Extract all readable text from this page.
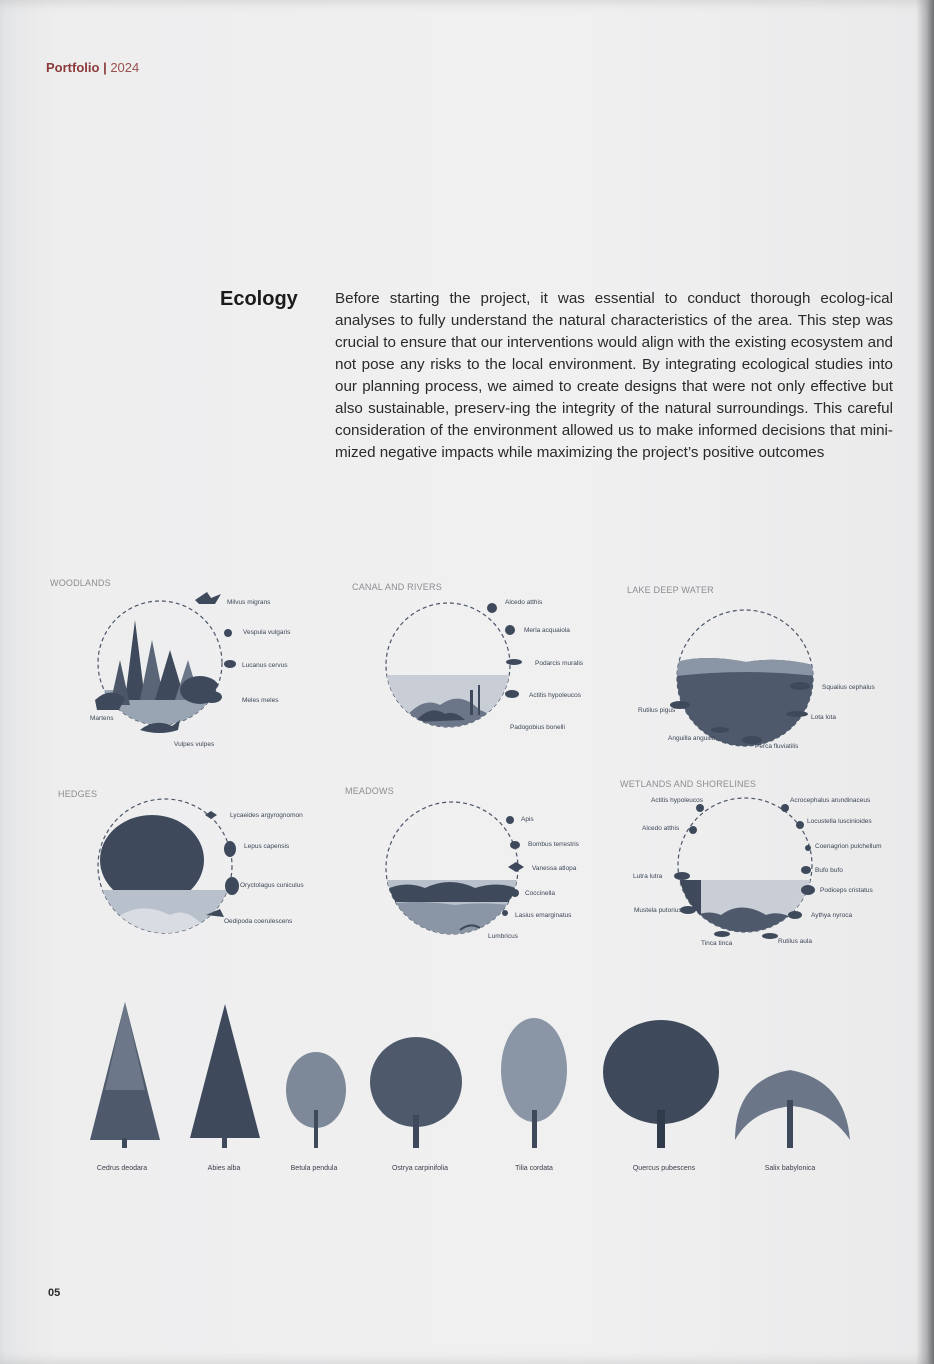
Portfolio | 2024
Ecology Before starting the project, it was essential to conduct thorough ecolog-ical analyses to fully understand the natural characteristics of the area. This step was crucial to ensure that our interventions would align with the existing ecosystem and not pose any risks to the local environment. By integrating ecological studies into our planning process, we aimed to create designs that were not only effective but also sustainable, preserv-ing the integrity of the natural surroundings. This careful consideration of the environment allowed us to make informed decisions that mini-mized negative impacts while maximizing the project’s positive outcomes
WOODLANDS
Milvus migrans
Vespula vulgaris
Lucanus cervus
Meles meles
Martens
Vulpes vulpes
CANAL AND RIVERS
Alcedo atthis
Merla acquaiola
Podarcis muralis
Actitis hypoleucos
Padogobius bonelli
LAKE DEEP WATER
Squalius cephalus
Rutilus pigus
Lota lota
Anguilla anguilla
Perca fluviatilis
HEDGES
Lycaeides argyrognomon
Lepus capensis
Oryctolagus cuniculus
Oedipoda coerulescens
MEADOWS
Apis
Bombus terrestris
Vanessa atlopa
Coccinella
Lasius emarginatus
Lumbricus
WETLANDS AND SHORELINES
Actitis hypoleucos	Acrocephalus arundinaceus
Locustella luscinioides
Alcedo atthis
Coenagrion pulchellum
Bufo bufo
Lutra lutra
Podiceps cristatus
Mustela putorius
Aythya nyroca
Tinca tinca	Rutilus aula
Cedrus deodara	Abies alba	Betula pendula	Ostrya carpinifolia	Tilia cordata	Quercus pubescens	Salix babylonica
05
